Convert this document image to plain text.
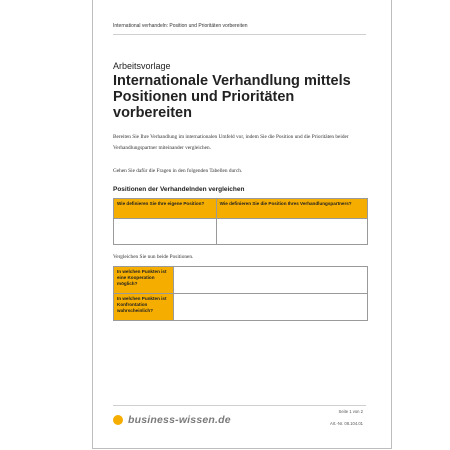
International verhandeln: Position und Prioritäten vorbereiten
Arbeitsvorlage
Internationale Verhandlung mittels Positionen und Prioritäten vorbereiten
Bereiten Sie Ihre Verhandlung im internationalen Umfeld vor, indem Sie die Position und die Prioritäten beider Verhandlungspartner miteinander vergleichen.
Gehen Sie dafür die Fragen in den folgenden Tabellen durch.
Positionen der Verhandelnden vergleichen
Wie definieren Sie Ihre eigene Position?	Wie definieren Sie die Position Ihres Verhandlungspartners?

Vergleichen Sie nun beide Positionen.
In welchen Punkten ist eine Kooperation möglich?	
In welchen Punkten ist Konfrontation wahrscheinlich?	
business-wissen.de
Seite 1 von 2
Art.-Nr. 08.104.01
